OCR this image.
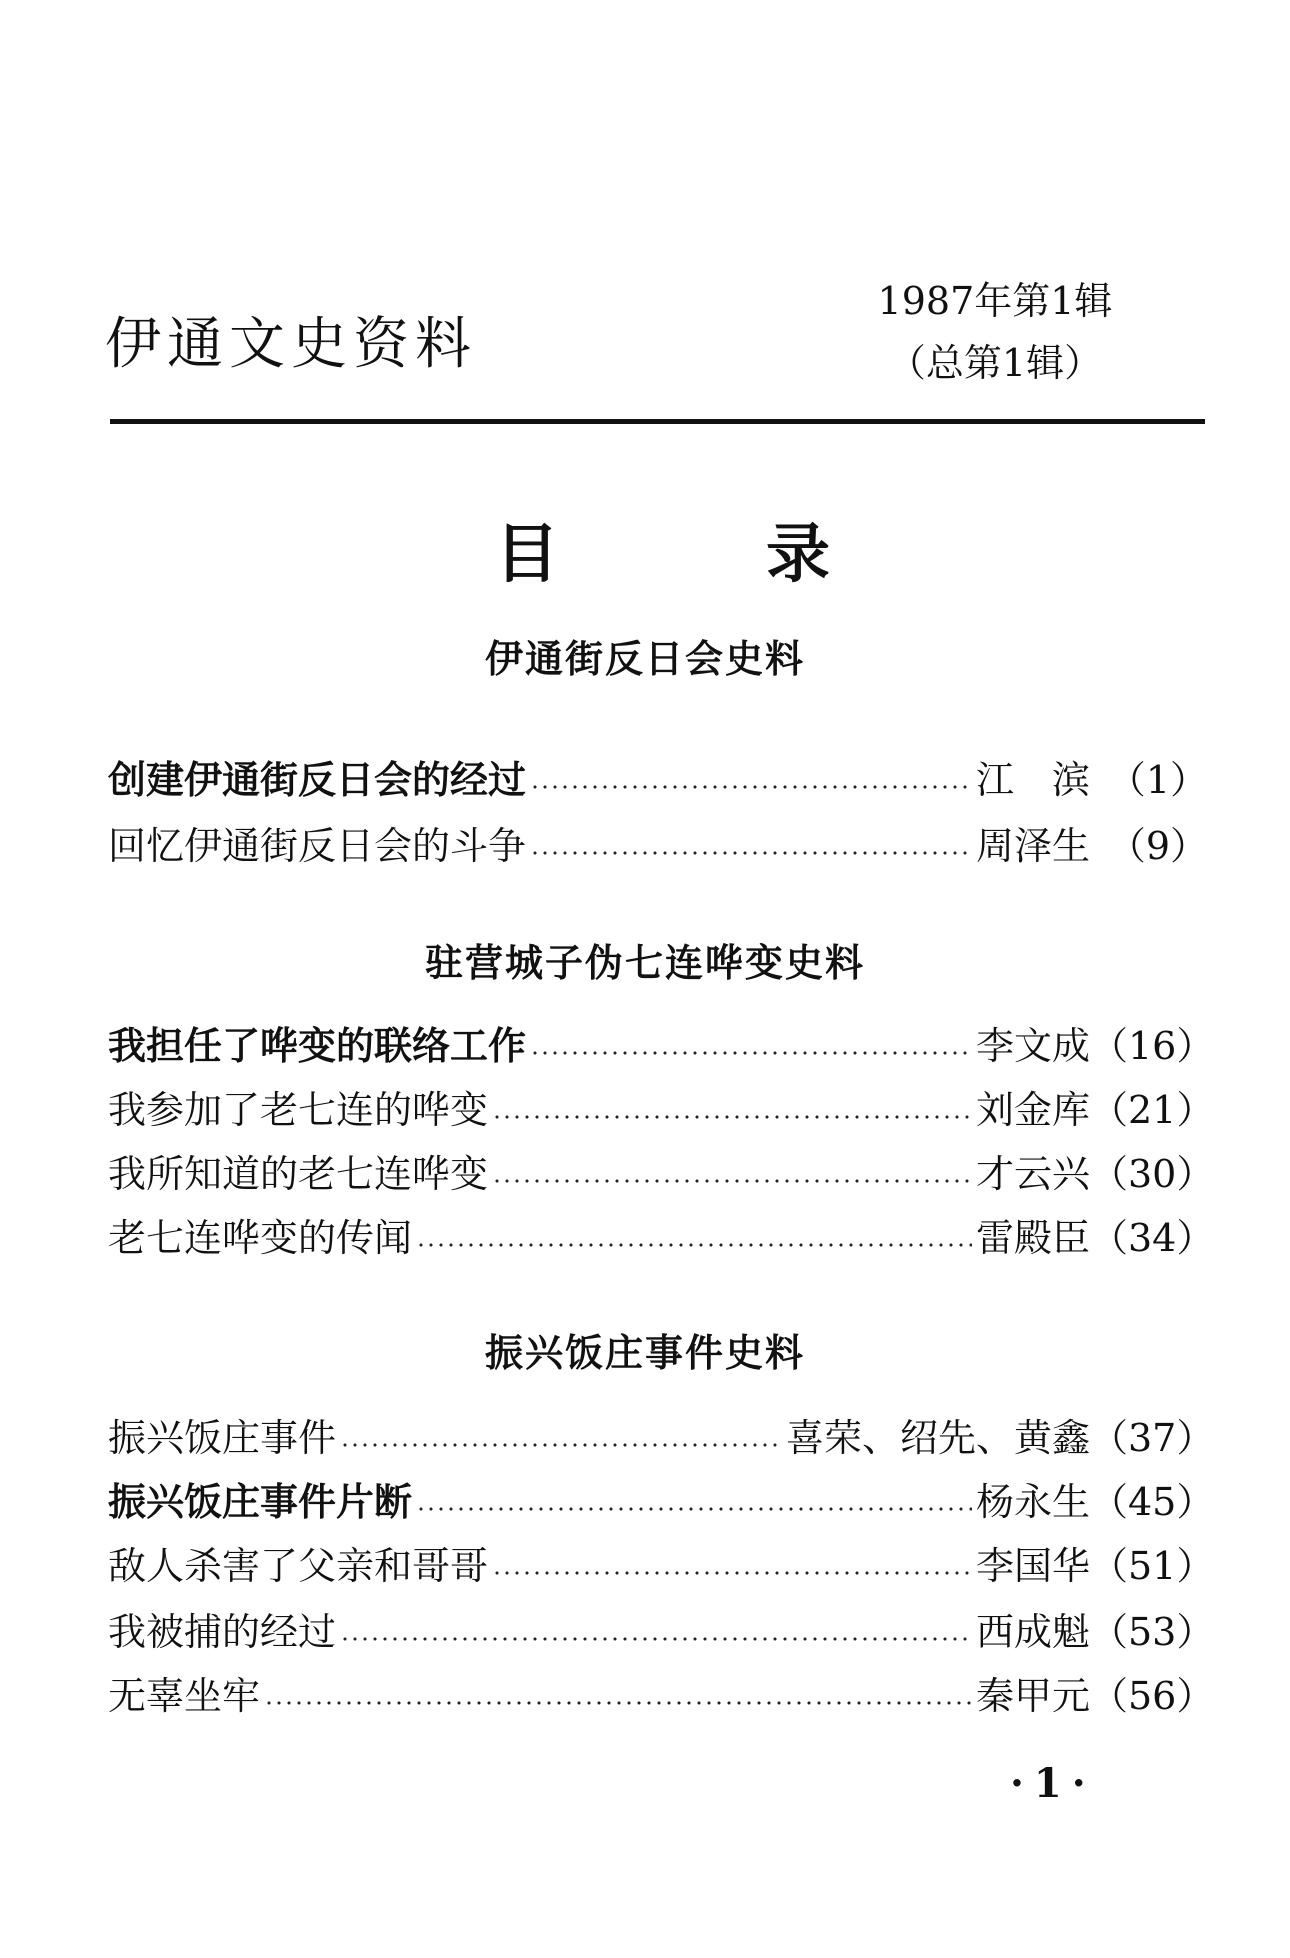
伊通文史资料
1987年第1辑
（总第1辑）
目	录
伊通街反日会史料
创建伊通街反日会的经过	江　滨 （1）
回忆伊通街反日会的斗争	周泽生 （9）
驻营城子伪七连哗变史料
我担任了哗变的联络工作	李文成 （16）
我参加了老七连的哗变	刘金库 （21）
我所知道的老七连哗变	才云兴 （30）
老七连哗变的传闻	雷殿臣 （34）
振兴饭庄事件史料
振兴饭庄事件	喜荣、绍先、黄鑫 （37）
振兴饭庄事件片断	杨永生 （45）
敌人杀害了父亲和哥哥	李国华 （51）
我被捕的经过	西成魁 （53）
无辜坐牢	秦甲元 （56）
·1·
